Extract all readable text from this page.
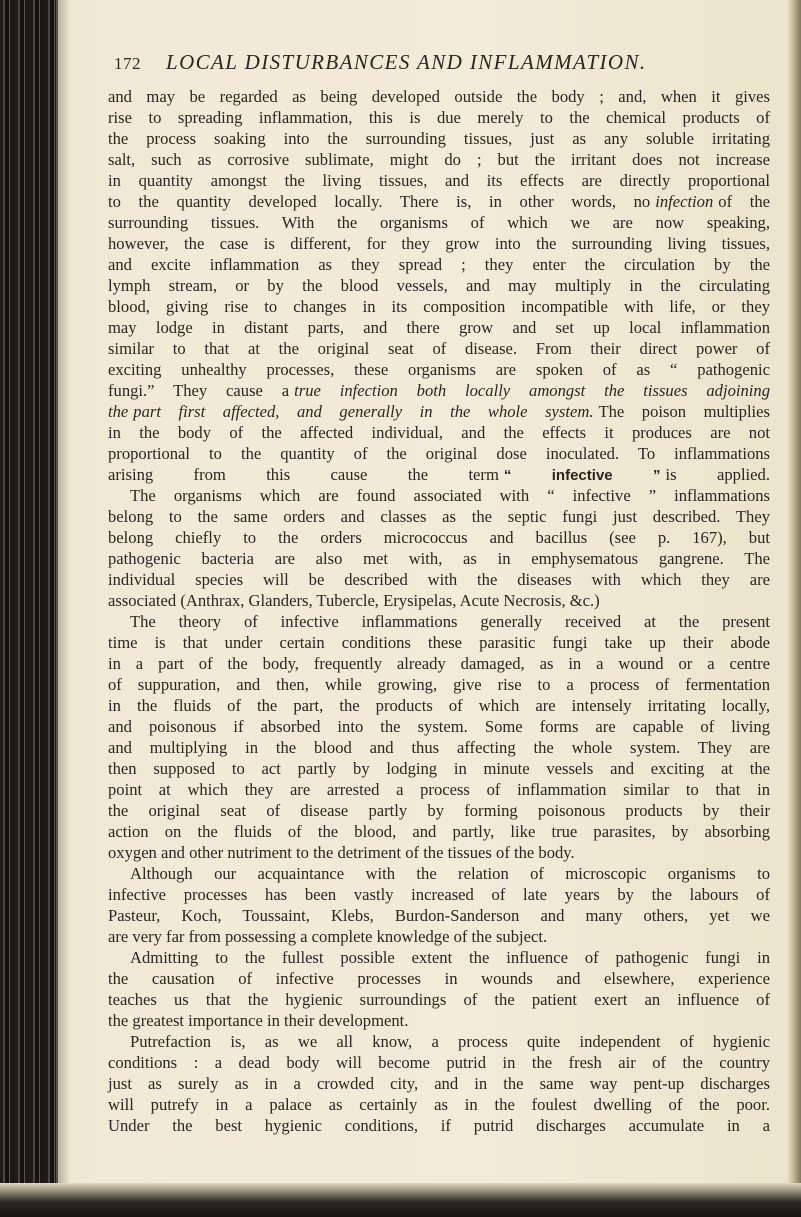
172 LOCAL DISTURBANCES AND INFLAMMATION.
and may be regarded as being developed outside the body ; and, when it gives
rise to spreading inflammation, this is due merely to the chemical products of
the process soaking into the surrounding tissues, just as any soluble irritating
salt, such as corrosive sublimate, might do ; but the irritant does not increase
in quantity amongst the living tissues, and its effects are directly proportional
to the quantity developed locally. There is, in other words, no infection of the
surrounding tissues. With the organisms of which we are now speaking,
however, the case is different, for they grow into the surrounding living tissues,
and excite inflammation as they spread ; they enter the circulation by the
lymph stream, or by the blood vessels, and may multiply in the circulating
blood, giving rise to changes in its composition incompatible with life, or they
may lodge in distant parts, and there grow and set up local inflammation
similar to that at the original seat of disease. From their direct power of
exciting unhealthy processes, these organisms are spoken of as “ pathogenic
fungi.” They cause a true infection both locally amongst the tissues adjoining
the part first affected, and generally in the whole system. The poison multiplies
in the body of the affected individual, and the effects it produces are not
proportional to the quantity of the original dose inoculated. To inflammations
arising from this cause the term “ infective ” is applied.
The organisms which are found associated with “ infective ” inflammations
belong to the same orders and classes as the septic fungi just described. They
belong chiefly to the orders micrococcus and bacillus (see p. 167), but
pathogenic bacteria are also met with, as in emphysematous gangrene. The
individual species will be described with the diseases with which they are
associated (Anthrax, Glanders, Tubercle, Erysipelas, Acute Necrosis, &c.)
The theory of infective inflammations generally received at the present
time is that under certain conditions these parasitic fungi take up their abode
in a part of the body, frequently already damaged, as in a wound or a centre
of suppuration, and then, while growing, give rise to a process of fermentation
in the fluids of the part, the products of which are intensely irritating locally,
and poisonous if absorbed into the system. Some forms are capable of living
and multiplying in the blood and thus affecting the whole system. They are
then supposed to act partly by lodging in minute vessels and exciting at the
point at which they are arrested a process of inflammation similar to that in
the original seat of disease partly by forming poisonous products by their
action on the fluids of the blood, and partly, like true parasites, by absorbing
oxygen and other nutriment to the detriment of the tissues of the body.
Although our acquaintance with the relation of microscopic organisms to
infective processes has been vastly increased of late years by the labours of
Pasteur, Koch, Toussaint, Klebs, Burdon-Sanderson and many others, yet we
are very far from possessing a complete knowledge of the subject.
Admitting to the fullest possible extent the influence of pathogenic fungi in
the causation of infective processes in wounds and elsewhere, experience
teaches us that the hygienic surroundings of the patient exert an influence of
the greatest importance in their development.
Putrefaction is, as we all know, a process quite independent of hygienic
conditions : a dead body will become putrid in the fresh air of the country
just as surely as in a crowded city, and in the same way pent-up discharges
will putrefy in a palace as certainly as in the foulest dwelling of the poor.
Under the best hygienic conditions, if putrid discharges accumulate in a
